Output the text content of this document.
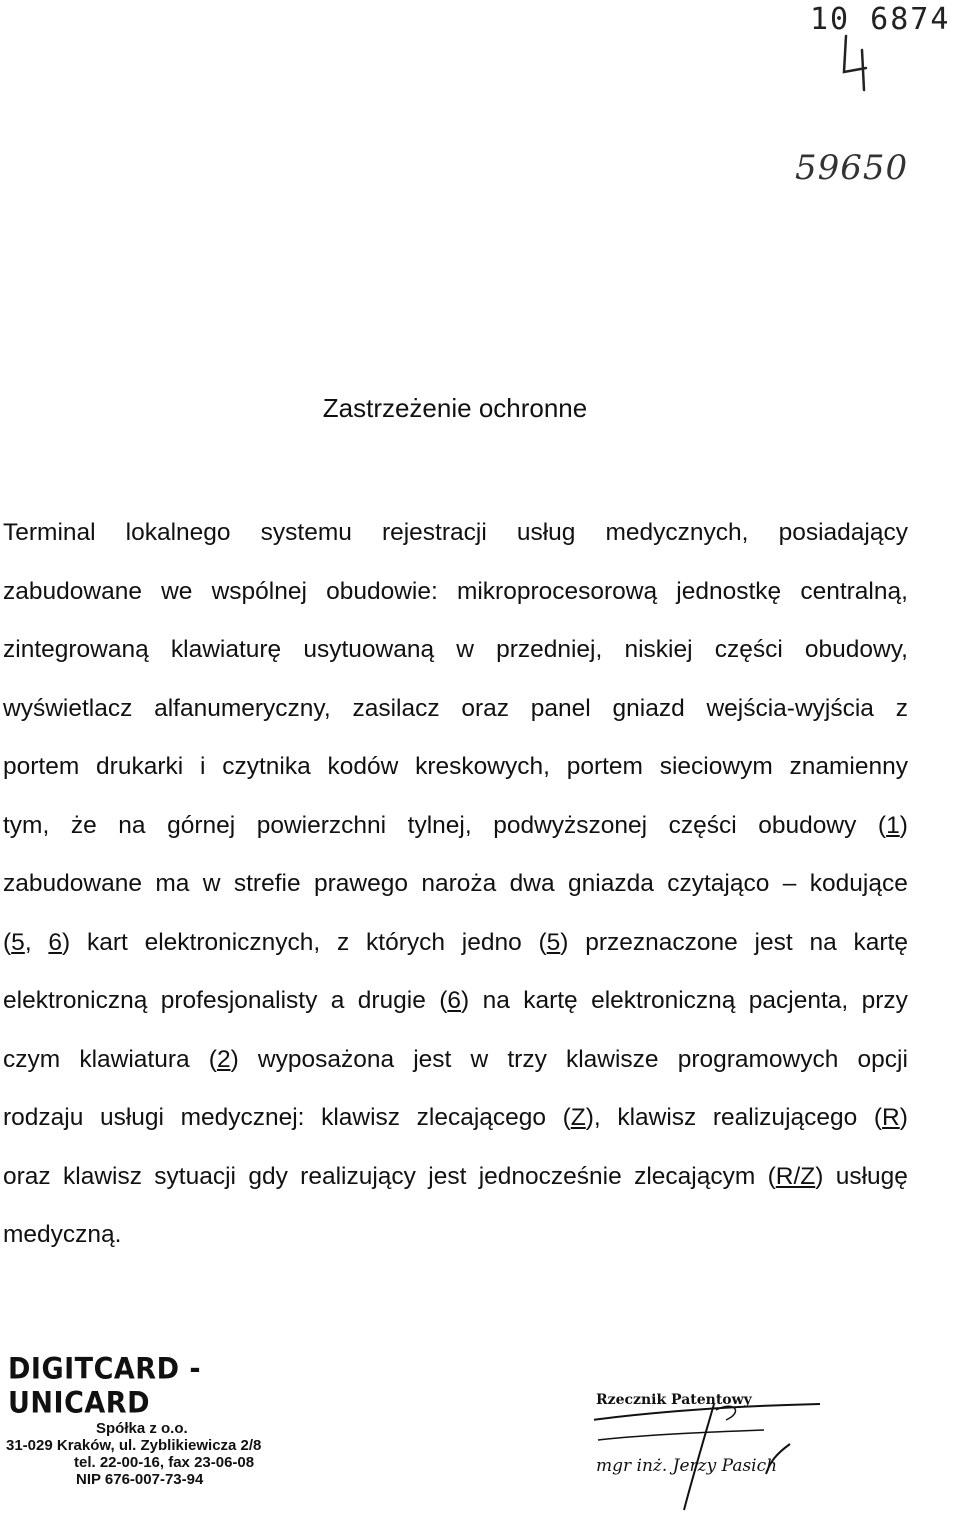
10 6874
59650
Zastrzeżenie ochronne
Terminal lokalnego systemu rejestracji usług medycznych, posiadający
zabudowane we wspólnej obudowie: mikroprocesorową jednostkę centralną,
zintegrowaną klawiaturę usytuowaną w przedniej, niskiej części obudowy,
wyświetlacz alfanumeryczny, zasilacz oraz panel gniazd wejścia-wyjścia z
portem drukarki i czytnika kodów kreskowych, portem sieciowym znamienny
tym, że na górnej powierzchni tylnej, podwyższonej części obudowy (1)
zabudowane ma w strefie prawego naroża dwa gniazda czytająco – kodujące
(5, 6) kart elektronicznych, z których jedno (5) przeznaczone jest na kartę
elektroniczną profesjonalisty a drugie (6) na kartę elektroniczną pacjenta, przy
czym klawiatura (2) wyposażona jest w trzy klawisze programowych opcji
rodzaju usługi medycznej: klawisz zlecającego (Z), klawisz realizującego (R)
oraz klawisz sytuacji gdy realizujący jest jednocześnie zlecającym (R/Z) usługę
medyczną.
DIGITCARD - UNICARD
Spółka z o.o.
31-029 Kraków, ul. Zyblikiewicza 2/8
tel. 22-00-16, fax 23-06-08
NIP 676-007-73-94
Rzecznik Patentowy
mgr inż. Jerzy Pasich
